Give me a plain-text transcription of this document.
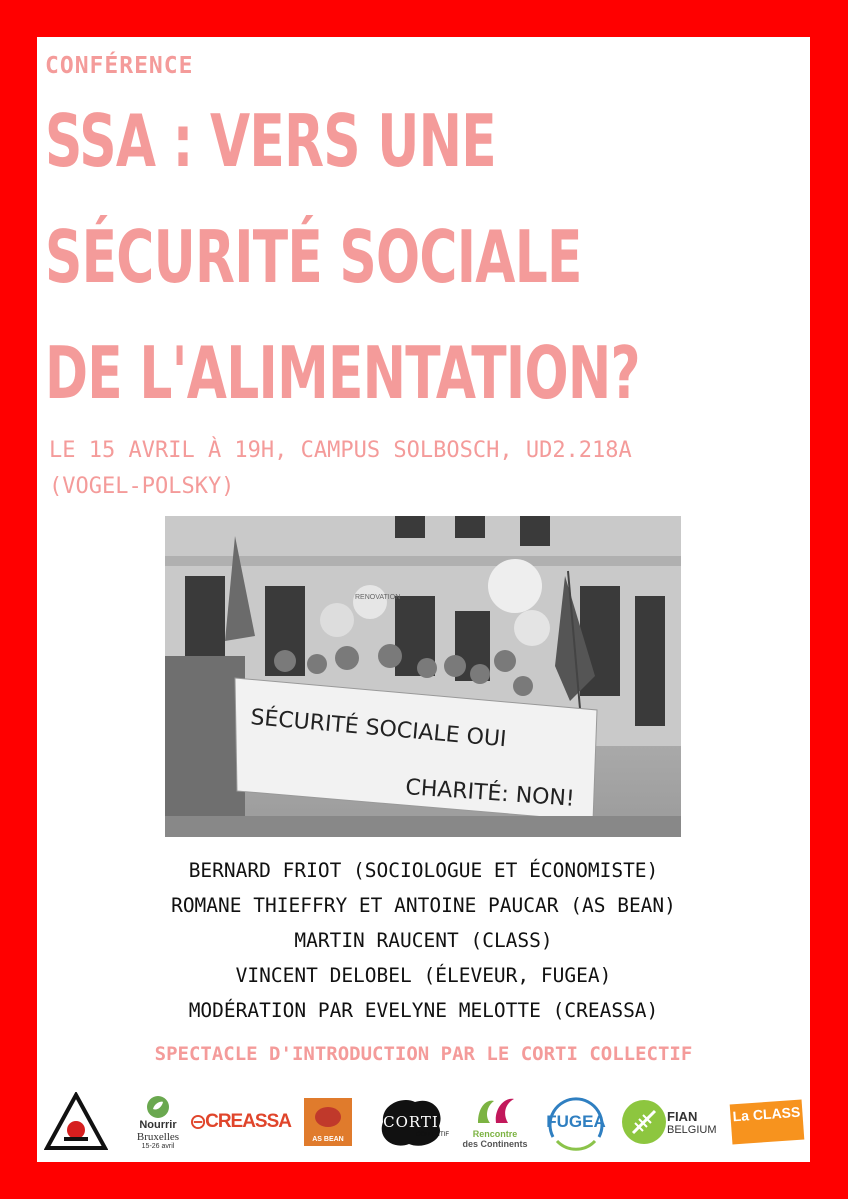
CONFÉRENCE
SSA : VERS UNE
SÉCURITÉ SOCIALE
DE L'ALIMENTATION?
LE 15 AVRIL À 19H, CAMPUS SOLBOSCH, UD2.218A
(VOGEL-POLSKY)
RENOVATION
SÉCURITÉ SOCIALE OUI
CHARITÉ: NON!
BERNARD FRIOT (SOCIOLOGUE ET ÉCONOMISTE)
ROMANE THIEFFRY ET ANTOINE PAUCAR (AS BEAN)
MARTIN RAUCENT (CLASS)
VINCENT DELOBEL (ÉLEVEUR, FUGEA)
MODÉRATION PAR EVELYNE MELOTTE (CREASSA)
SPECTACLE D'INTRODUCTION PAR LE CORTI COLLECTIF
Nourrir
Bruxelles
15-26 avril
CREASSA
AS BEAN
CORTI
COLLECTIF	Rencontre
des Continents
FUGEA	FIAN
BELGIUM
La CLASS
